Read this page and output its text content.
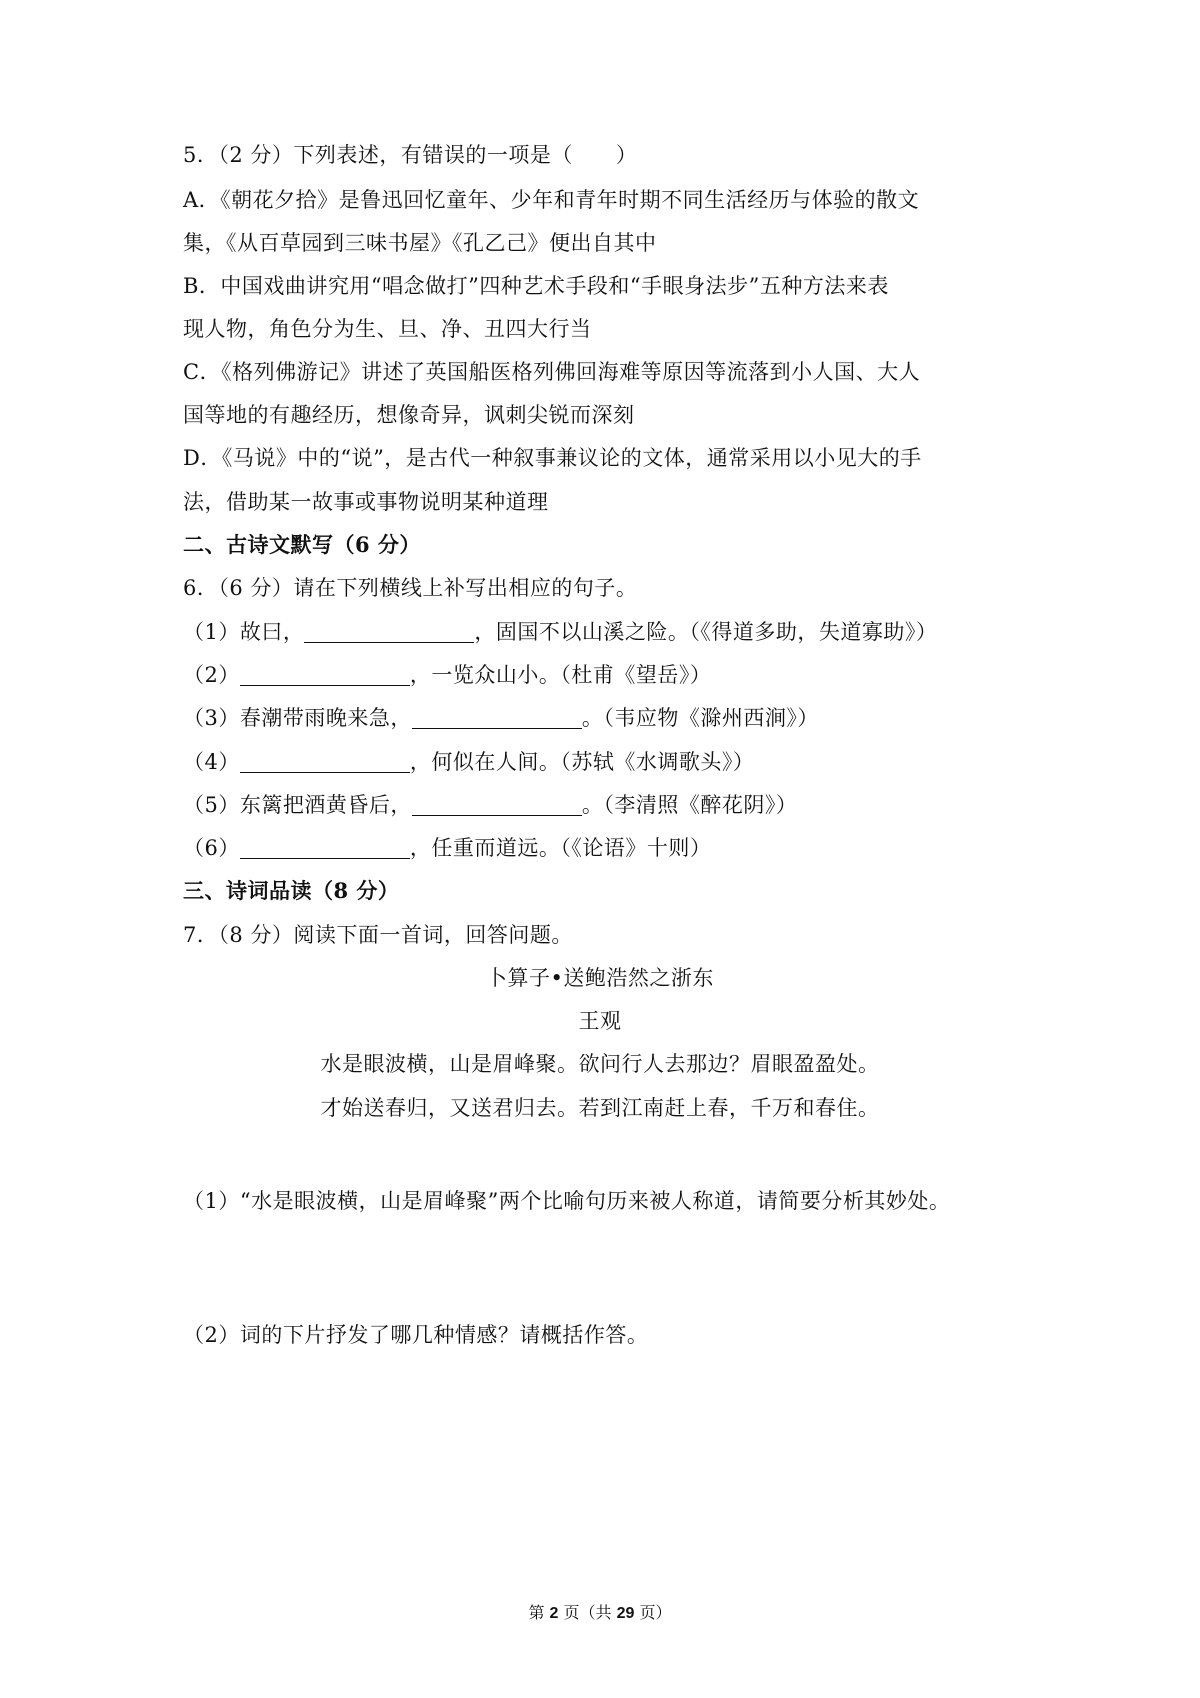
5．（2 分）下列表述，有错误的一项是（　　）
A．《朝花夕拾》是鲁迅回忆童年、少年和青年时期不同生活经历与体验的散文
集，《从百草园到三味书屋》《孔乙己》便出自其中
B．中国戏曲讲究用“唱念做打”四种艺术手段和“手眼身法步”五种方法来表
现人物，角色分为生、旦、净、丑四大行当
C．《格列佛游记》讲述了英国船医格列佛回海难等原因等流落到小人国、大人
国等地的有趣经历，想像奇异，讽刺尖锐而深刻
D．《马说》中的“说”，是古代一种叙事兼议论的文体，通常采用以小见大的手
法，借助某一故事或事物说明某种道理
二、古诗文默写（6 分）
6．（6 分）请在下列横线上补写出相应的句子。
（1）故曰，	，固国不以山溪之险。（《得道多助，失道寡助》）
（2）	，一览众山小。（杜甫《望岳》）
（3）春潮带雨晚来急，	。（韦应物《滁州西涧》）
（4）	，何似在人间。（苏轼《水调歌头》）
（5）东篱把酒黄昏后，	。（李清照《醉花阴》）
（6）	，任重而道远。（《论语》十则）
三、诗词品读（8 分）
7．（8 分）阅读下面一首词，回答问题。
卜算子•送鲍浩然之浙东
王观
水是眼波横，山是眉峰聚。欲问行人去那边？眉眼盈盈处。
才始送春归，又送君归去。若到江南赶上春，千万和春住。
（1）“水是眼波横，山是眉峰聚”两个比喻句历来被人称道，请简要分析其妙处。
（2）词的下片抒发了哪几种情感？请概括作答。
第 2 页（共 29 页）
